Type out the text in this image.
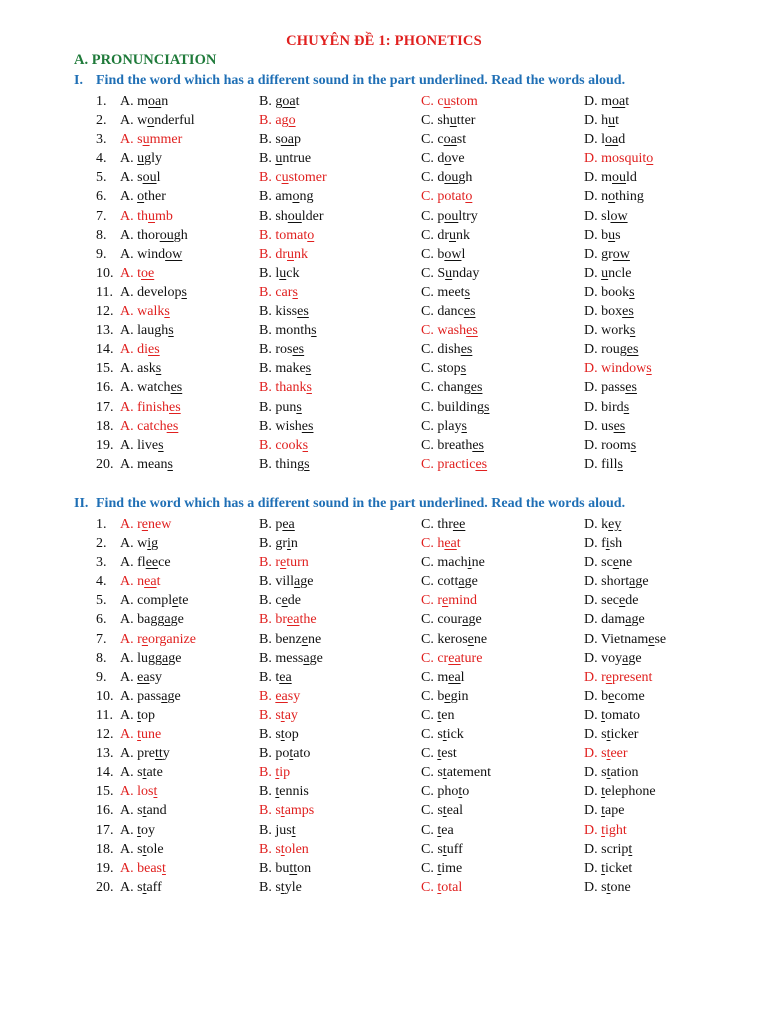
CHUYÊN ĐỀ 1: PHONETICS
A. PRONUNCIATION
I. Find the word which has a different sound in the part underlined. Read the words aloud.
1. A. moan	B. goat	C. custom	D. moat
2. A. wonderful	B. ago	C. shutter	D. hut
3. A. summer	B. soap	C. coast	D. load
4. A. ugly	B. untrue	C. dove	D. mosquito
5. A. soul	B. customer	C. dough	D. mould
6. A. other	B. among	C. potato	D. nothing
7. A. thumb	B. shoulder	C. poultry	D. slow
8. A. thorough	B. tomato	C. drunk	D. bus
9. A. window	B. drunk	C. bowl	D. grow
10. A. toe	B. luck	C. Sunday	D. uncle
11. A. develops	B. cars	C. meets	D. books
12. A. walks	B. kisses	C. dances	D. boxes
13. A. laughs	B. months	C. washes	D. works
14. A. dies	B. roses	C. dishes	D. rouges
15. A. asks	B. makes	C. stops	D. windows
16. A. watches	B. thanks	C. changes	D. passes
17. A. finishes	B. puns	C. buildings	D. birds
18. A. catches	B. wishes	C. plays	D. uses
19. A. lives	B. cooks	C. breathes	D. rooms
20. A. means	B. things	C. practices	D. fills
II. Find the word which has a different sound in the part underlined. Read the words aloud.
1. A. renew	B. pea	C. three	D. key
2. A. wig	B. grin	C. heat	D. fish
3. A. fleece	B. return	C. machine	D. scene
4. A. neat	B. village	C. cottage	D. shortage
5. A. complete	B. cede	C. remind	D. secede
6. A. baggage	B. breathe	C. courage	D. damage
7. A. reorganize	B. benzene	C. kerosene	D. Vietnamese
8. A. luggage	B. message	C. creature	D. voyage
9. A. easy	B. tea	C. meal	D. represent
10. A. passage	B. easy	C. begin	D. become
11. A. top	B. stay	C. ten	D. tomato
12. A. tune	B. stop	C. stick	D. sticker
13. A. pretty	B. potato	C. test	D. steer
14. A. state	B. tip	C. statement	D. station
15. A. lost	B. tennis	C. photo	D. telephone
16. A. stand	B. stamps	C. steal	D. tape
17. A. toy	B. just	C. tea	D. tight
18. A. stole	B. stolen	C. stuff	D. script
19. A. beast	B. button	C. time	D. ticket
20. A. staff	B. style	C. total	D. stone
